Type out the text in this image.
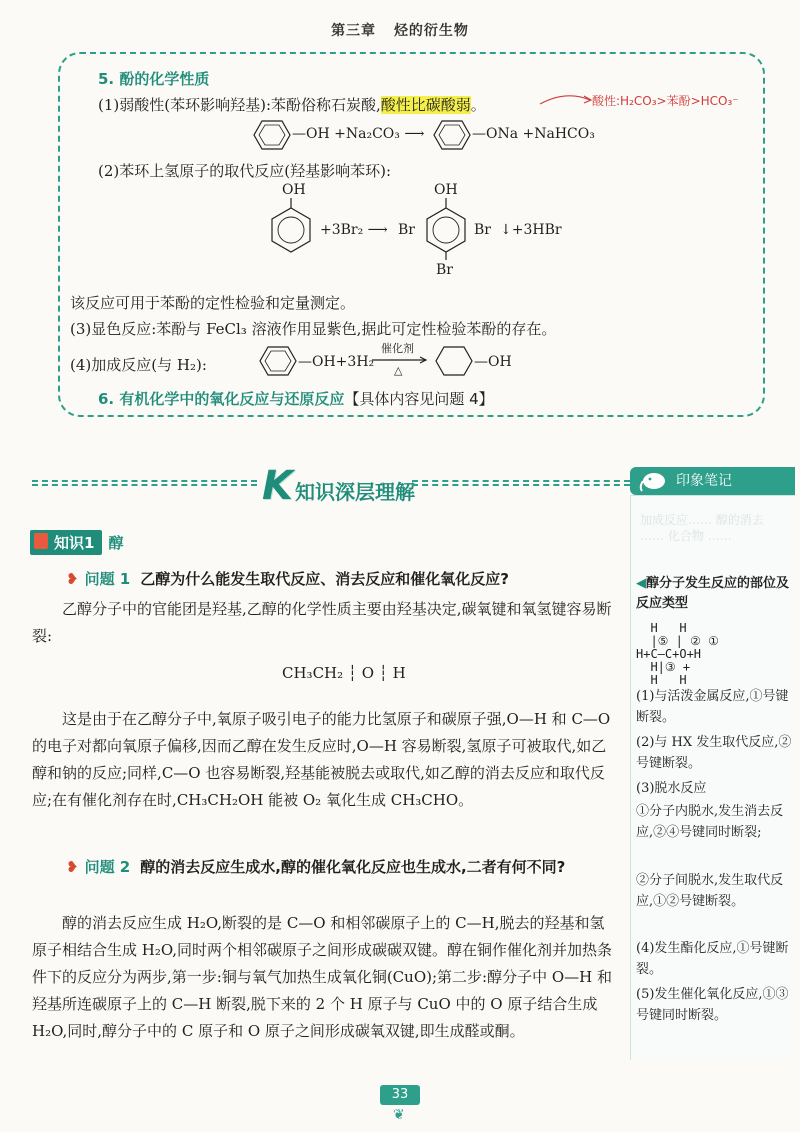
第三章 烃的衍生物
5. 酚的化学性质
(1)弱酸性(苯环影响羟基):苯酚俗称石炭酸,酸性比碳酸弱。	酸性:H₂CO₃>苯酚>HCO₃⁻
—OH +Na₂CO₃ ⟶	—ONa +NaHCO₃
(2)苯环上氢原子的取代反应(羟基影响苯环):
OH
+3Br₂ ⟶
OH
Br	Br
Br
↓+3HBr
该反应可用于苯酚的定性检验和定量测定。
(3)显色反应:苯酚与 FeCl₃ 溶液作用显紫色,据此可定性检验苯酚的存在。
(4)加成反应(与 H₂):	—OH+3H₂
催化剂
△
—OH
6. 有机化学中的氧化反应与还原反应【具体内容见问题 4】
K知识深层理解	印象笔记
加成反应…… 醇的消去 …… 化合物 ……
知识1 醇
❥ 问题 1 乙醇为什么能发生取代反应、消去反应和催化氧化反应?
乙醇分子中的官能团是羟基,乙醇的化学性质主要由羟基决定,碳氧键和氧氢键容易断裂:
CH₃CH₂ ┆ O ┆ H
这是由于在乙醇分子中,氧原子吸引电子的能力比氢原子和碳原子强,O—H 和 C—O 的电子对都向氧原子偏移,因而乙醇在发生反应时,O—H 容易断裂,氢原子可被取代,如乙醇和钠的反应;同样,C—O 也容易断裂,羟基能被脱去或取代,如乙醇的消去反应和取代反应;在有催化剂存在时,CH₃CH₂OH 能被 O₂ 氧化生成 CH₃CHO。
❥ 问题 2 醇的消去反应生成水,醇的催化氧化反应也生成水,二者有何不同?
醇的消去反应生成 H₂O,断裂的是 C—O 和相邻碳原子上的 C—H,脱去的羟基和氢原子相结合生成 H₂O,同时两个相邻碳原子之间形成碳碳双键。醇在铜作催化剂并加热条件下的反应分为两步,第一步:铜与氧气加热生成氧化铜(CuO);第二步:醇分子中 O—H 和羟基所连碳原子上的 C—H 断裂,脱下来的 2 个 H 原子与 CuO 中的 O 原子结合生成 H₂O,同时,醇分子中的 C 原子和 O 原子之间形成碳氧双键,即生成醛或酮。
◀醇分子发生反应的部位及反应类型
H   H
|⑤ | ② ①
H+C—C+O+H
H|③ +
H   H
(1)与活泼金属反应,①号键断裂。
(2)与 HX 发生取代反应,②号键断裂。
(3)脱水反应
①分子内脱水,发生消去反应,②④号键同时断裂;
②分子间脱水,发生取代反应,①②号键断裂。
(4)发生酯化反应,①号键断裂。
(5)发生催化氧化反应,①③号键同时断裂。
33
❦
